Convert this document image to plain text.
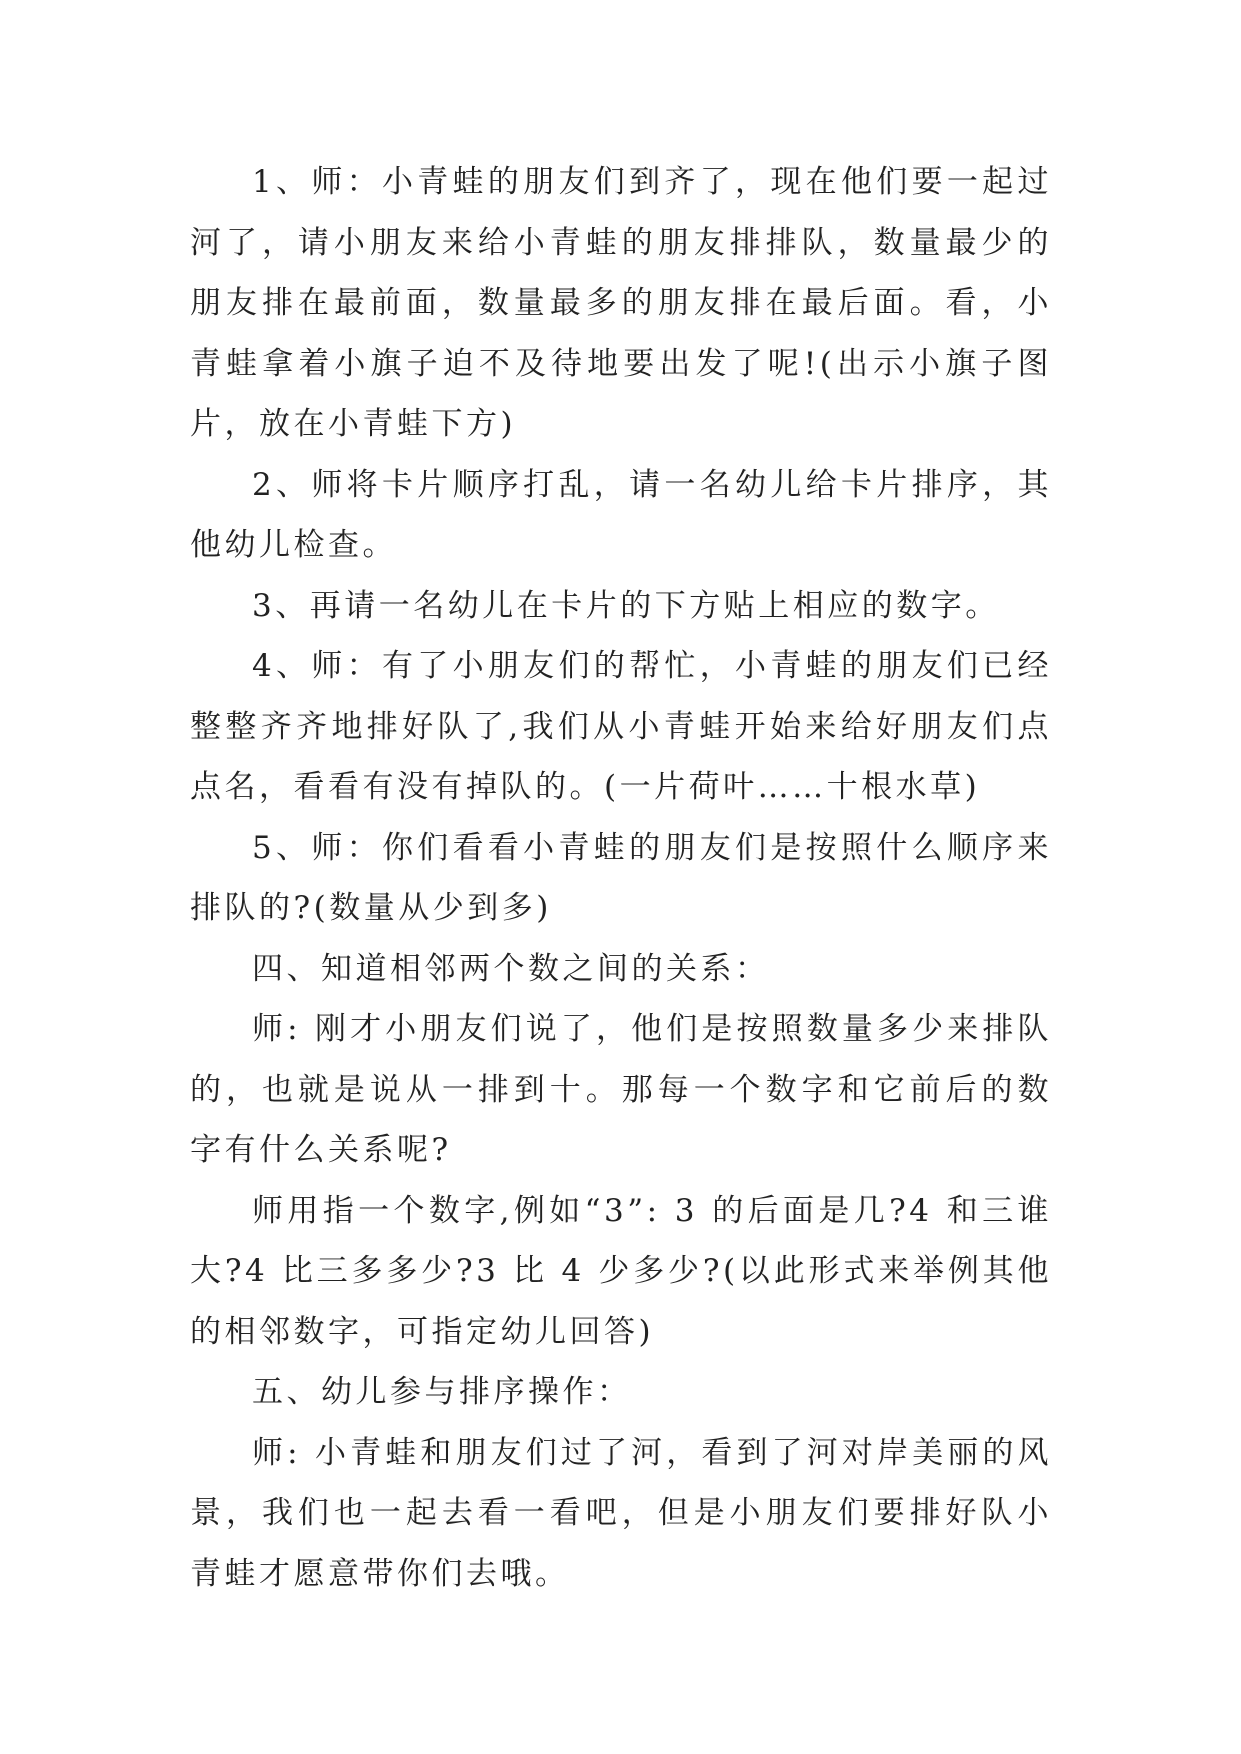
1、师：小青蛙的朋友们到齐了，现在他们要一起过河了，请小朋友来给小青蛙的朋友排排队，数量最少的朋友排在最前面，数量最多的朋友排在最后面。看，小青蛙拿着小旗子迫不及待地要出发了呢!(出示小旗子图片，放在小青蛙下方)

2、师将卡片顺序打乱，请一名幼儿给卡片排序，其他幼儿检查。

3、再请一名幼儿在卡片的下方贴上相应的数字。

4、师：有了小朋友们的帮忙，小青蛙的朋友们已经整整齐齐地排好队了,我们从小青蛙开始来给好朋友们点点名，看看有没有掉队的。(一片荷叶……十根水草)

5、师：你们看看小青蛙的朋友们是按照什么顺序来排队的?(数量从少到多)

四、知道相邻两个数之间的关系：

师: 刚才小朋友们说了，他们是按照数量多少来排队的，也就是说从一排到十。那每一个数字和它前后的数字有什么关系呢?

师用指一个数字,例如“3”: 3 的后面是几?4 和三谁大?4 比三多多少?3 比 4 少多少?(以此形式来举例其他的相邻数字，可指定幼儿回答)

五、幼儿参与排序操作：

师: 小青蛙和朋友们过了河，看到了河对岸美丽的风景，我们也一起去看一看吧，但是小朋友们要排好队小青蛙才愿意带你们去哦。
